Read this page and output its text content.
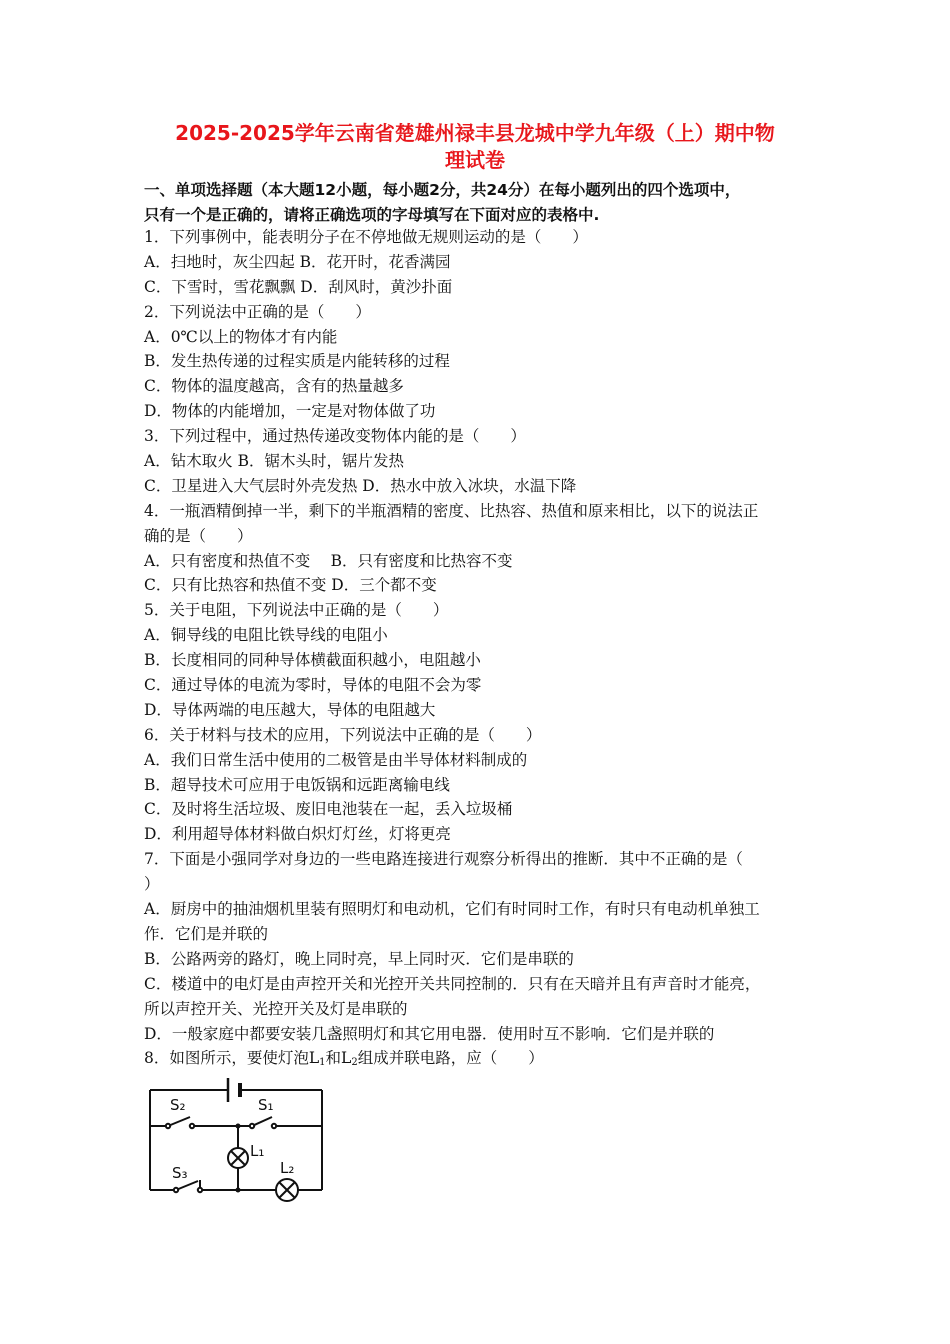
2025-2025学年云南省楚雄州禄丰县龙城中学九年级（上）期中物
理试卷
一、单项选择题（本大题12小题，每小题2分，共24分）在每小题列出的四个选项中，
只有一个是正确的，请将正确选项的字母填写在下面对应的表格中.
1．下列事例中，能表明分子在不停地做无规则运动的是（　　）
A．扫地时，灰尘四起 B．花开时，花香满园
C．下雪时，雪花飘飘 D．刮风时，黄沙扑面
2．下列说法中正确的是（　　）
A．0℃以上的物体才有内能
B．发生热传递的过程实质是内能转移的过程
C．物体的温度越高，含有的热量越多
D．物体的内能增加，一定是对物体做了功
3．下列过程中，通过热传递改变物体内能的是（　　）
A．钻木取火 B．锯木头时，锯片发热
C．卫星进入大气层时外壳发热 D．热水中放入冰块，水温下降
4．一瓶酒精倒掉一半，剩下的半瓶酒精的密度、比热容、热值和原来相比，以下的说法正
确的是（　　）
A．只有密度和热值不变　 B．只有密度和比热容不变
C．只有比热容和热值不变 D．三个都不变
5．关于电阻，下列说法中正确的是（　　）
A．铜导线的电阻比铁导线的电阻小
B．长度相同的同种导体横截面积越小，电阻越小
C．通过导体的电流为零时，导体的电阻不会为零
D．导体两端的电压越大，导体的电阻越大
6．关于材料与技术的应用，下列说法中正确的是（　　）
A．我们日常生活中使用的二极管是由半导体材料制成的
B．超导技术可应用于电饭锅和远距离输电线
C．及时将生活垃圾、废旧电池装在一起，丢入垃圾桶
D．利用超导体材料做白炽灯灯丝，灯将更亮
7．下面是小强同学对身边的一些电路连接进行观察分析得出的推断．其中不正确的是（
）
A．厨房中的抽油烟机里装有照明灯和电动机，它们有时同时工作，有时只有电动机单独工
作．它们是并联的
B．公路两旁的路灯，晚上同时亮，早上同时灭．它们是串联的
C．楼道中的电灯是由声控开关和光控开关共同控制的．只有在天暗并且有声音时才能亮，
所以声控开关、光控开关及灯是串联的
D．一般家庭中都要安装几盏照明灯和其它用电器．使用时互不影响．它们是并联的
8．如图所示，要使灯泡$L_1$和$L_2$组成并联电路，应（　　）
S₂	S₁
S₃
L₁
L₂
